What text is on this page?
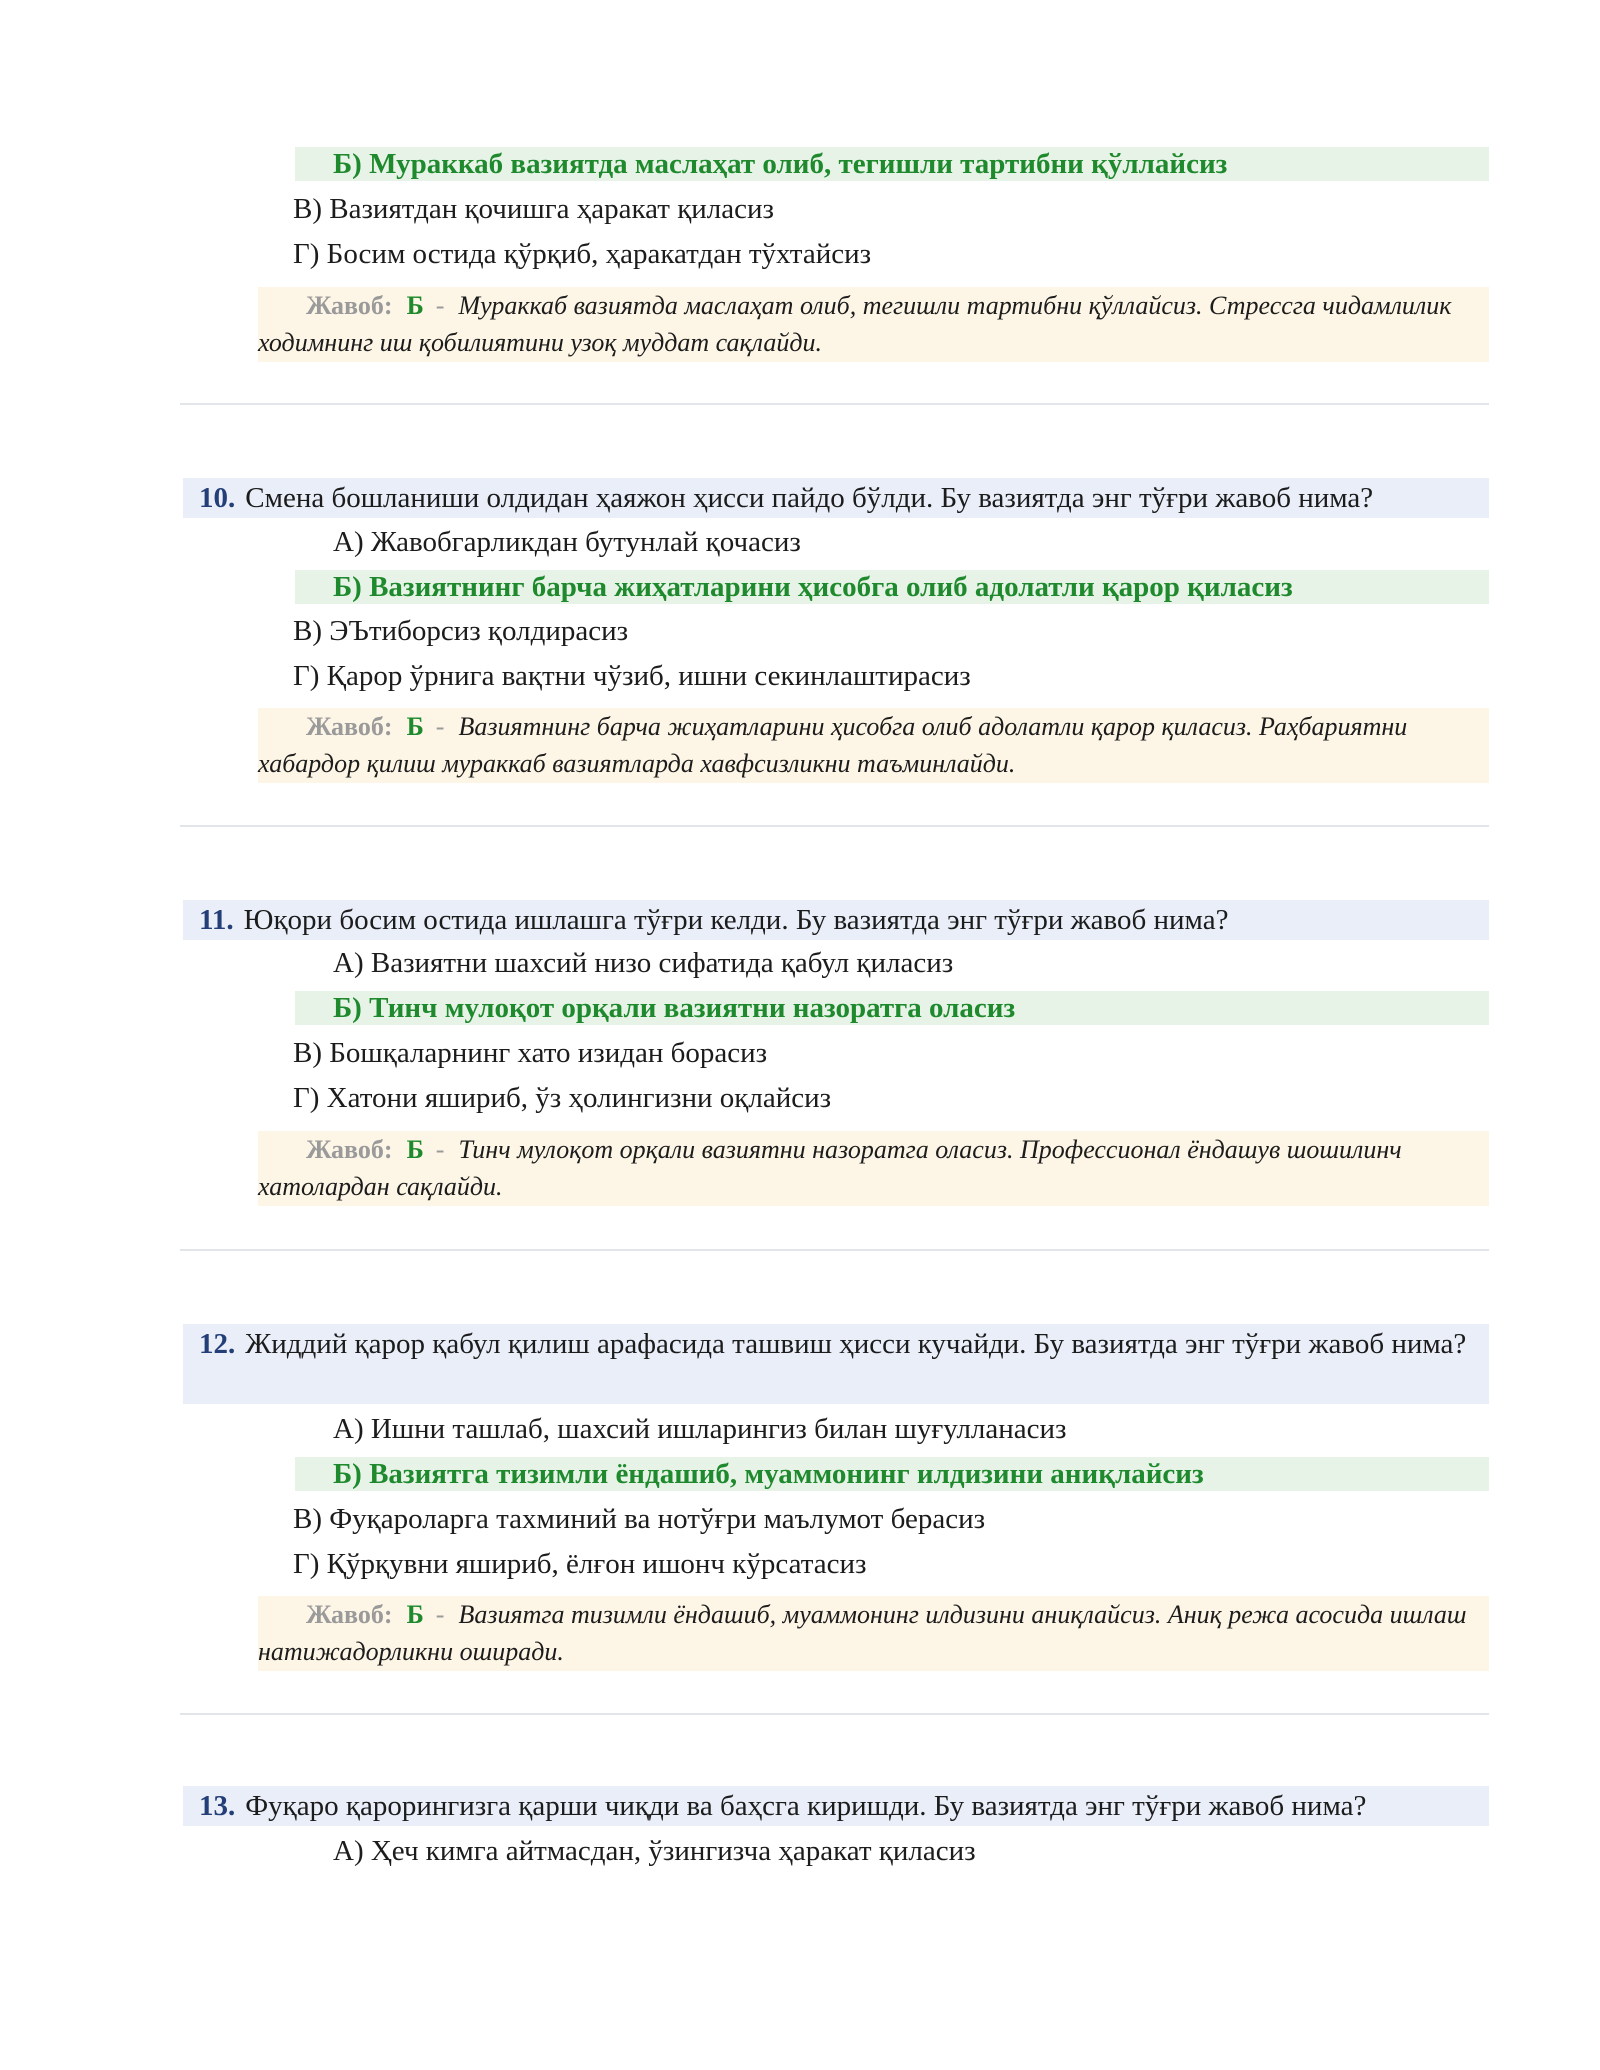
Б) Мураккаб вазиятда маслаҳат олиб, тегишли тартибни қўллайсиз
В) Вазиятдан қочишга ҳаракат қиласиз
Г) Босим остида қўрқиб, ҳаракатдан тўхтайсиз
Жавоб: Б - Мураккаб вазиятда маслаҳат олиб, тегишли тартибни қўллайсиз. Стрессга чидамлилик ходимнинг иш қобилиятини узоқ муддат сақлайди.
10. Смена бошланиши олдидан ҳаяжон ҳисси пайдо бўлди. Бу вазиятда энг тўғри жавоб нима?
А) Жавобгарликдан бутунлай қочасиз
Б) Вазиятнинг барча жиҳатларини ҳисобга олиб адолатли қарор қиласиз
В) ЭЪтиборсиз қолдирасиз
Г) Қарор ўрнига вақтни чўзиб, ишни секинлаштирасиз
Жавоб: Б - Вазиятнинг барча жиҳатларини ҳисобга олиб адолатли қарор қиласиз. Раҳбариятни хабардор қилиш мураккаб вазиятларда хавфсизликни таъминлайди.
11. Юқори босим остида ишлашга тўғри келди. Бу вазиятда энг тўғри жавоб нима?
А) Вазиятни шахсий низо сифатида қабул қиласиз
Б) Тинч мулоқот орқали вазиятни назоратга оласиз
В) Бошқаларнинг хато изидан борасиз
Г) Хатони яшириб, ўз ҳолингизни оқлайсиз
Жавоб: Б - Тинч мулоқот орқали вазиятни назоратга оласиз. Профессионал ёндашув шошилинч хатолардан сақлайди.
12. Жиддий қарор қабул қилиш арафасида ташвиш ҳисси кучайди. Бу вазиятда энг тўғри жавоб нима?
А) Ишни ташлаб, шахсий ишларингиз билан шуғулланасиз
Б) Вазиятга тизимли ёндашиб, муаммонинг илдизини аниқлайсиз
В) Фуқароларга тахминий ва нотўғри маълумот берасиз
Г) Қўрқувни яшириб, ёлғон ишонч кўрсатасиз
Жавоб: Б - Вазиятга тизимли ёндашиб, муаммонинг илдизини аниқлайсиз. Аниқ режа асосида ишлаш натижадорликни оширади.
13. Фуқаро қарорингизга қарши чиқди ва баҳсга киришди. Бу вазиятда энг тўғри жавоб нима?
А) Ҳеч кимга айтмасдан, ўзингизча ҳаракат қиласиз
